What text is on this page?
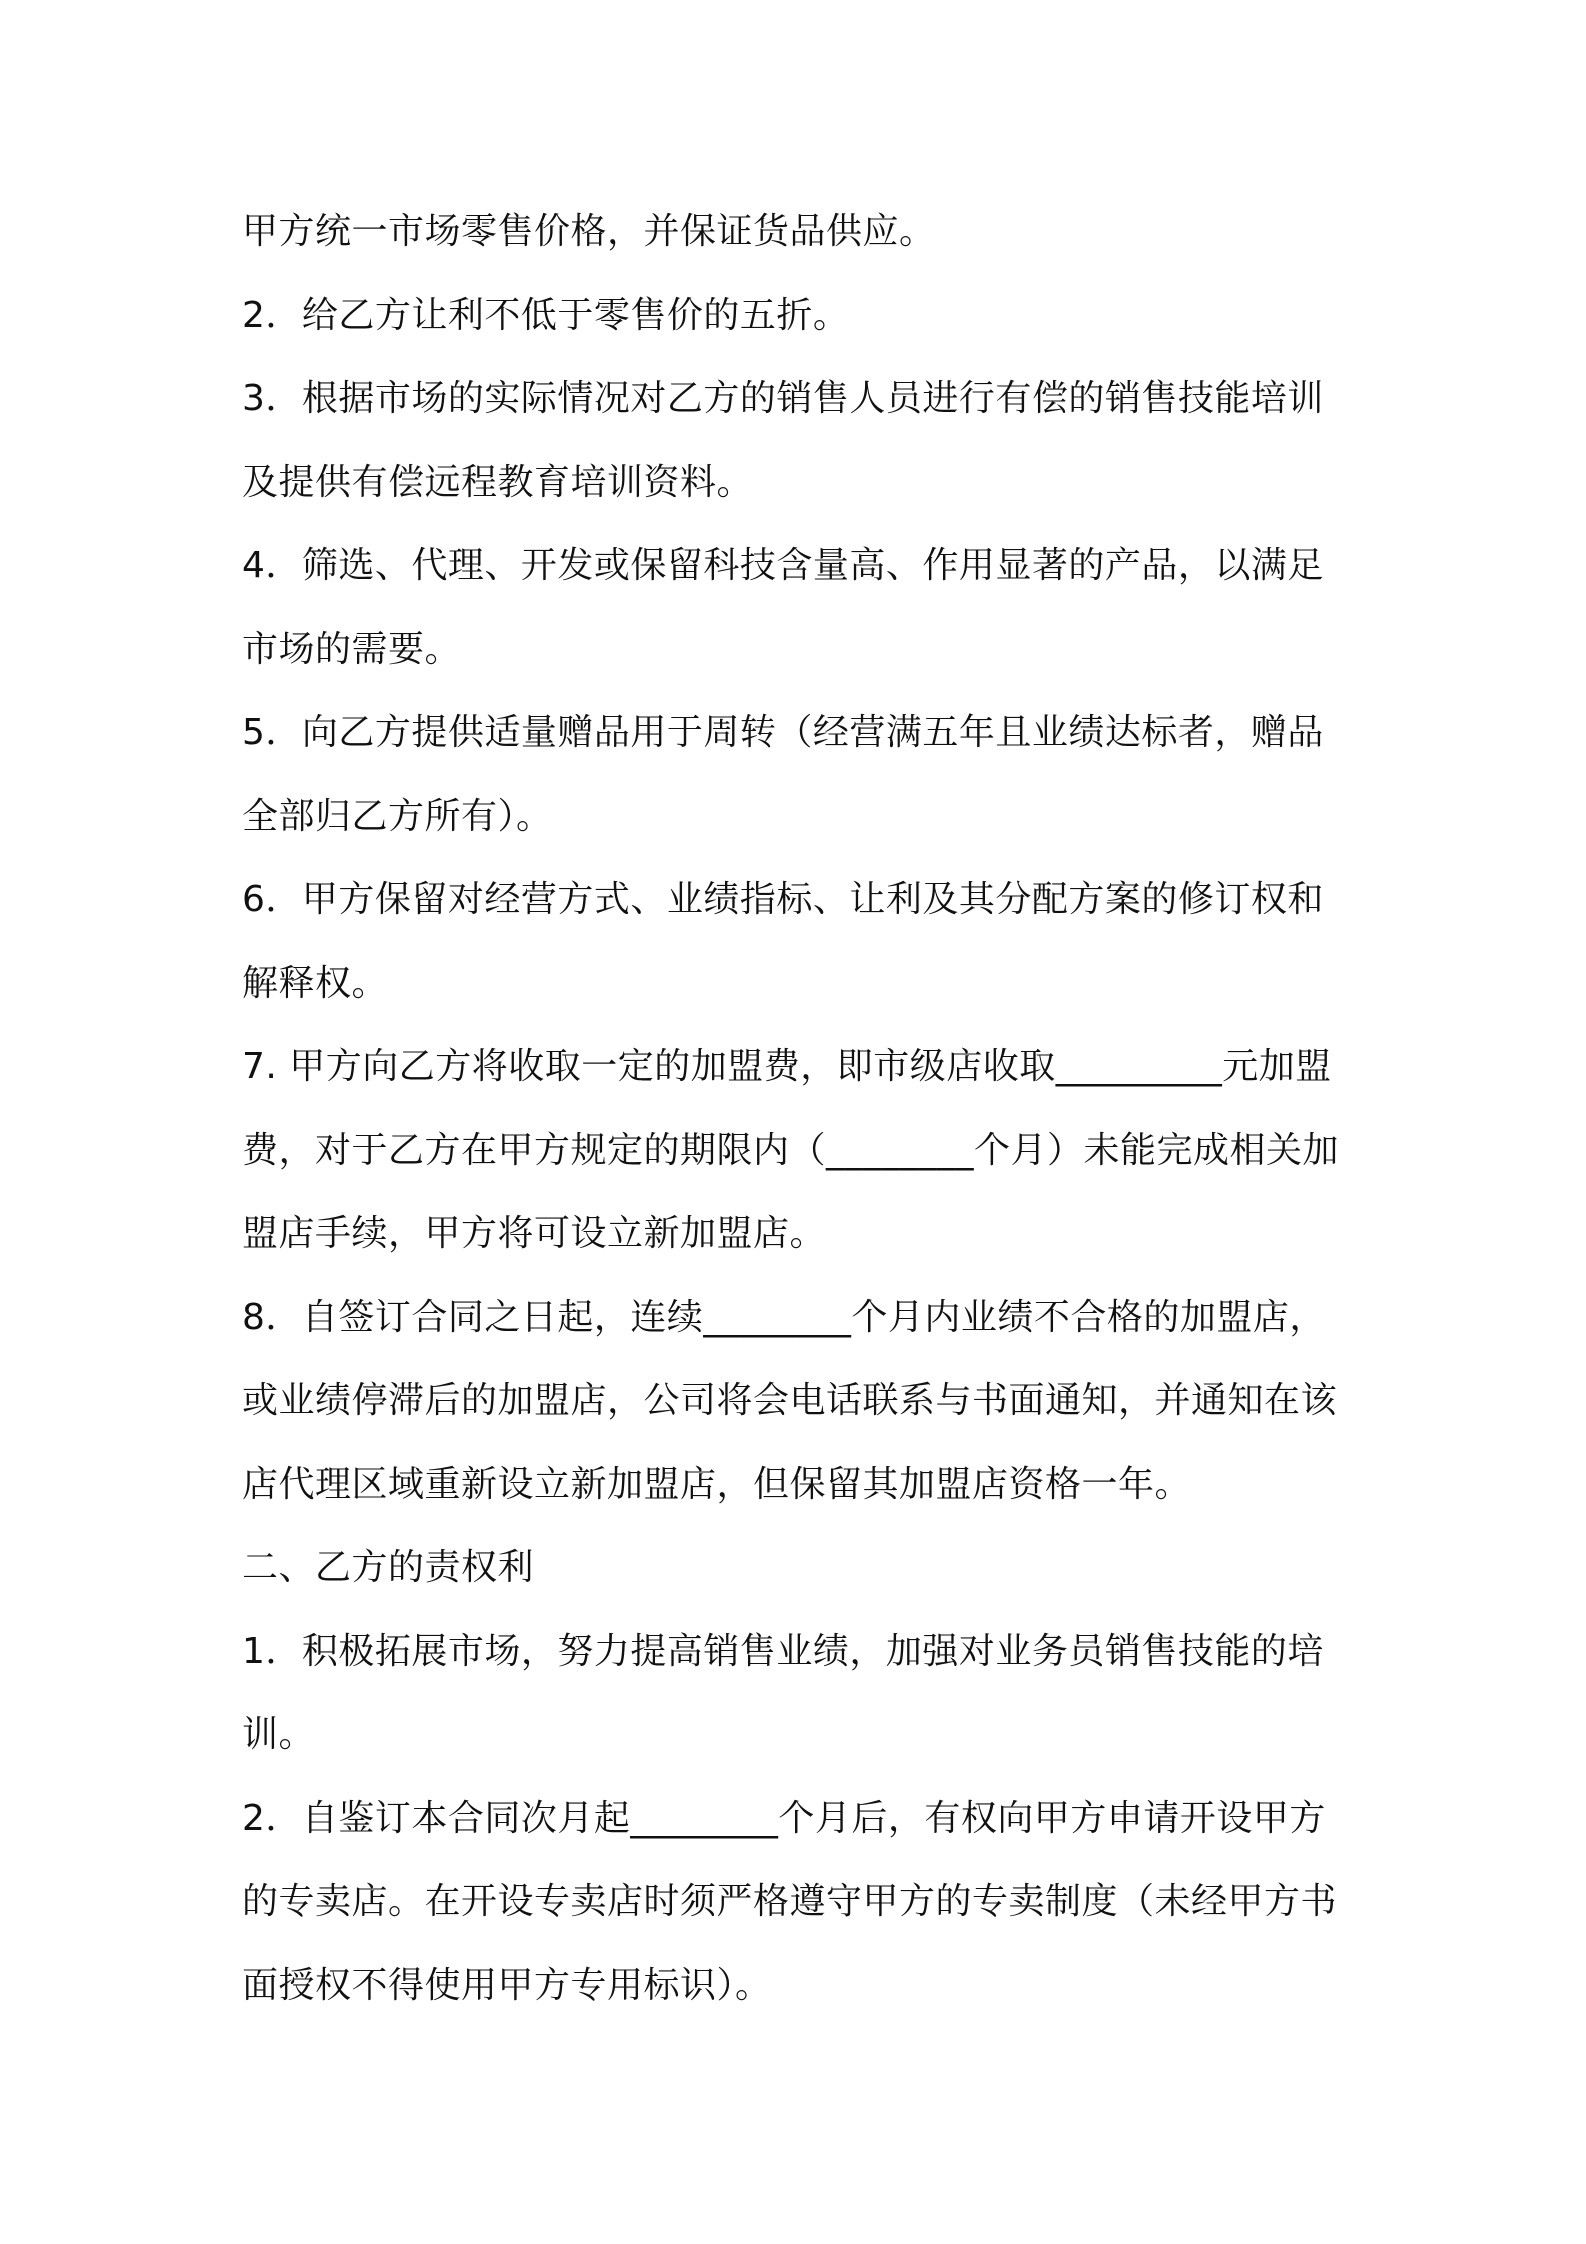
甲方统一市场零售价格，并保证货品供应。
2．给乙方让利不低于零售价的五折。
3．根据市场的实际情况对乙方的销售人员进行有偿的销售技能培训
及提供有偿远程教育培训资料。
4．筛选、代理、开发或保留科技含量高、作用显著的产品，以满足
市场的需要。
5．向乙方提供适量赠品用于周转（经营满五年且业绩达标者，赠品
全部归乙方所有）。
6．甲方保留对经营方式、业绩指标、让利及其分配方案的修订权和
解释权。
7. 甲方向乙方将收取一定的加盟费，即市级店收取_________元加盟
费，对于乙方在甲方规定的期限内（________个月）未能完成相关加
盟店手续，甲方将可设立新加盟店。
8．自签订合同之日起，连续________个月内业绩不合格的加盟店，
或业绩停滞后的加盟店，公司将会电话联系与书面通知，并通知在该
店代理区域重新设立新加盟店，但保留其加盟店资格一年。
二、乙方的责权利
1．积极拓展市场，努力提高销售业绩，加强对业务员销售技能的培
训。
2．自鉴订本合同次月起________个月后，有权向甲方申请开设甲方
的专卖店。在开设专卖店时须严格遵守甲方的专卖制度（未经甲方书
面授权不得使用甲方专用标识）。
